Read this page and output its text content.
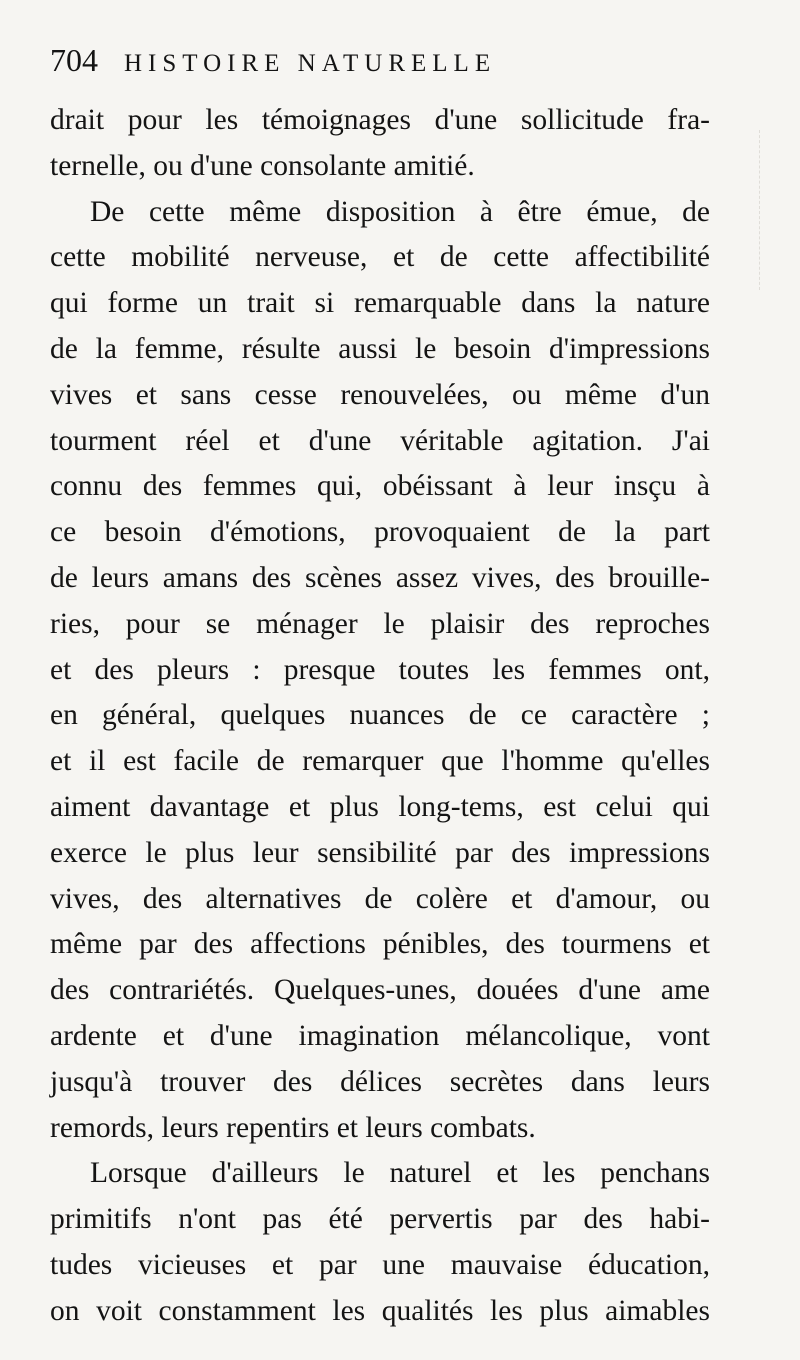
704 HISTOIRE NATURELLE
drait pour les témoignages d'une sollicitude fra-
ternelle, ou d'une consolante amitié.
De cette même disposition à être émue, de
cette mobilité nerveuse, et de cette affectibilité
qui forme un trait si remarquable dans la nature
de la femme, résulte aussi le besoin d'impressions
vives et sans cesse renouvelées, ou même d'un
tourment réel et d'une véritable agitation. J'ai
connu des femmes qui, obéissant à leur insçu à
ce besoin d'émotions, provoquaient de la part
de leurs amans des scènes assez vives, des brouille-
ries, pour se ménager le plaisir des reproches
et des pleurs : presque toutes les femmes ont,
en général, quelques nuances de ce caractère ;
et il est facile de remarquer que l'homme qu'elles
aiment davantage et plus long-tems, est celui qui
exerce le plus leur sensibilité par des impressions
vives, des alternatives de colère et d'amour, ou
même par des affections pénibles, des tourmens et
des contrariétés. Quelques-unes, douées d'une ame
ardente et d'une imagination mélancolique, vont
jusqu'à trouver des délices secrètes dans leurs
remords, leurs repentirs et leurs combats.
Lorsque d'ailleurs le naturel et les penchans
primitifs n'ont pas été pervertis par des habi-
tudes vicieuses et par une mauvaise éducation,
on voit constamment les qualités les plus aimables
